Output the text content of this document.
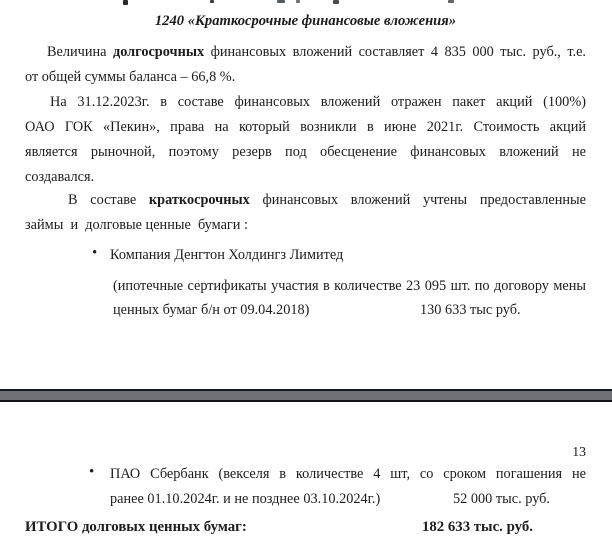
1240 «Краткосрочные финансовые вложения»
Величина долгосрочных финансовых вложений составляет 4 835 000 тыс. руб., т.е.
от общей суммы баланса – 66,8 %.
На 31.12.2023г. в составе финансовых вложений отражен пакет акций (100%)
ОАО ГОК «Пекин», права на который возникли в июне 2021г. Стоимость акций
является рыночной, поэтому резерв под обесценение финансовых вложений не
создавался.
В составе краткосрочных финансовых вложений учтены предоставленные
займы  и  долговые ценные  бумаги :
• Компания Денгтон Холдингз Лимитед
(ипотечные сертификаты участия в количестве 23 095 шт. по договору мены
ценных бумаг б/н от 09.04.2018)	130 633 тыс руб.
13
• ПАО Сбербанк (векселя в количестве 4 шт, со сроком погашения не
ранее 01.10.2024г. и не позднее 03.10.2024г.)	52 000 тыс. руб.
ИТОГО долговых ценных бумаг:	182 633 тыс. руб.
